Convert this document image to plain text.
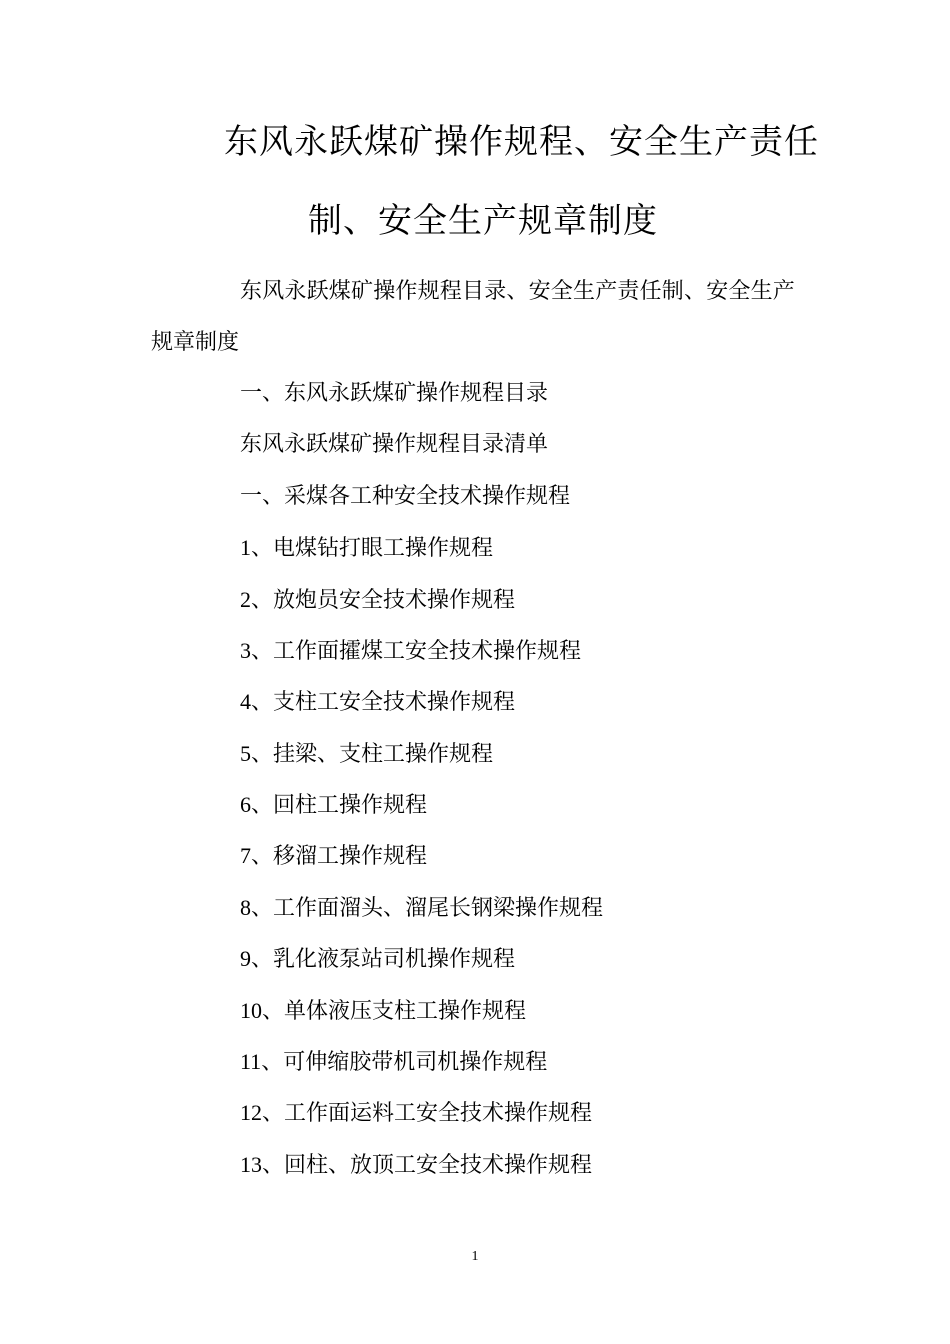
东风永跃煤矿操作规程、安全生产责任
制、安全生产规章制度
东风永跃煤矿操作规程目录、安全生产责任制、安全生产
规章制度
一、东风永跃煤矿操作规程目录
东风永跃煤矿操作规程目录清单
一、采煤各工种安全技术操作规程
1、电煤钻打眼工操作规程
2、放炮员安全技术操作规程
3、工作面攉煤工安全技术操作规程
4、支柱工安全技术操作规程
5、挂梁、支柱工操作规程
6、回柱工操作规程
7、移溜工操作规程
8、工作面溜头、溜尾长钢梁操作规程
9、乳化液泵站司机操作规程
10、单体液压支柱工操作规程
11、可伸缩胶带机司机操作规程
12、工作面运料工安全技术操作规程
13、回柱、放顶工安全技术操作规程
1
